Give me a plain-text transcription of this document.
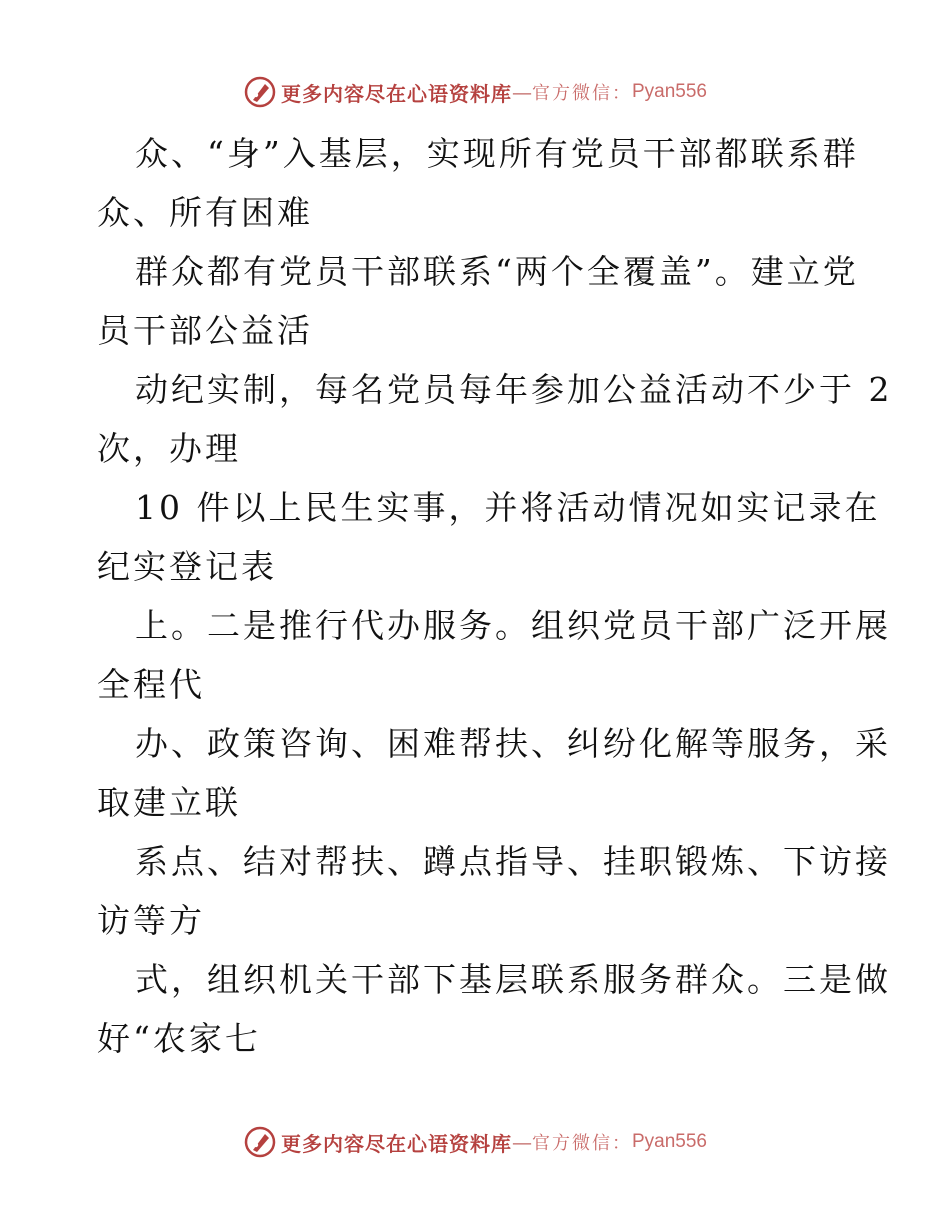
更多内容尽在心语资料库 — 官方微信： Pyan556
众、“身”入基层，实现所有党员干部都联系群
众、所有困难
群众都有党员干部联系“两个全覆盖”。建立党
员干部公益活
动纪实制，每名党员每年参加公益活动不少于 2
次，办理
10 件以上民生实事，并将活动情况如实记录在
纪实登记表
上。二是推行代办服务。组织党员干部广泛开展
全程代
办、政策咨询、困难帮扶、纠纷化解等服务，采
取建立联
系点、结对帮扶、蹲点指导、挂职锻炼、下访接
访等方
式，组织机关干部下基层联系服务群众。三是做
好“农家七
更多内容尽在心语资料库 — 官方微信： Pyan556
